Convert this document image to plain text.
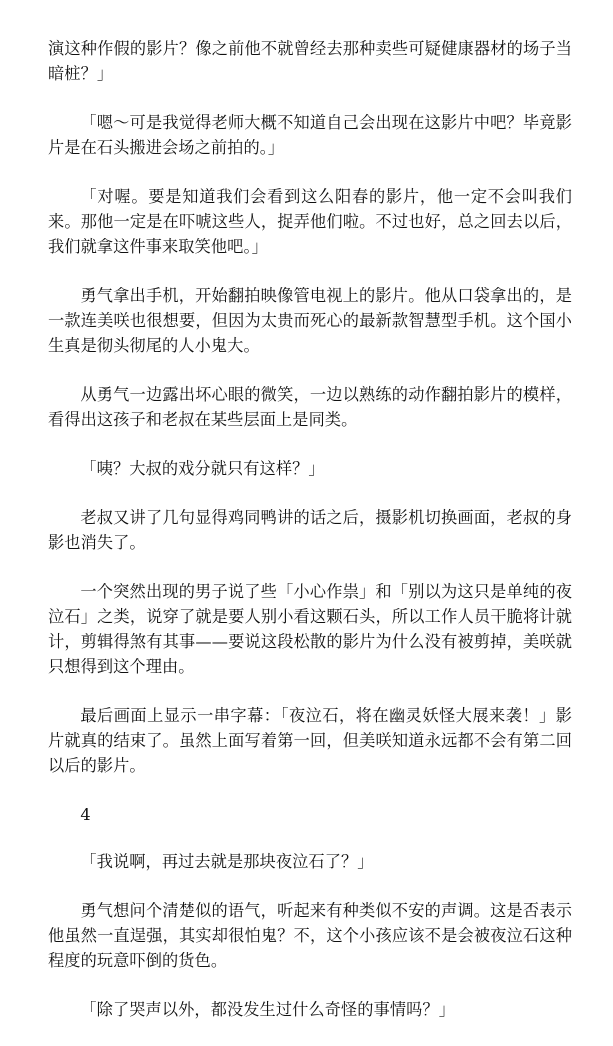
演这种作假的影片？像之前他不就曾经去那种卖些可疑健康器材的场子当暗桩？」

「嗯～可是我觉得老师大概不知道自己会出现在这影片中吧？毕竟影片是在石头搬进会场之前拍的。」

「对喔。要是知道我们会看到这么阳春的影片，他一定不会叫我们来。那他一定是在吓唬这些人，捉弄他们啦。不过也好，总之回去以后，我们就拿这件事来取笑他吧。」

勇气拿出手机，开始翻拍映像管电视上的影片。他从口袋拿出的，是一款连美咲也很想要，但因为太贵而死心的最新款智慧型手机。这个国小生真是彻头彻尾的人小鬼大。

从勇气一边露出坏心眼的微笑，一边以熟练的动作翻拍影片的模样，看得出这孩子和老叔在某些层面上是同类。

「咦？大叔的戏分就只有这样？」

老叔又讲了几句显得鸡同鸭讲的话之后，摄影机切换画面，老叔的身影也消失了。

一个突然出现的男子说了些「小心作祟」和「别以为这只是单纯的夜泣石」之类，说穿了就是要人别小看这颗石头，所以工作人员干脆将计就计，剪辑得煞有其事——要说这段松散的影片为什么没有被剪掉，美咲就只想得到这个理由。

最后画面上显示一串字幕：「夜泣石，将在幽灵妖怪大展来袭！」影片就真的结束了。虽然上面写着第一回，但美咲知道永远都不会有第二回以后的影片。

4

「我说啊，再过去就是那块夜泣石了？」

勇气想问个清楚似的语气，听起来有种类似不安的声调。这是否表示他虽然一直逞强，其实却很怕鬼？不，这个小孩应该不是会被夜泣石这种程度的玩意吓倒的货色。

「除了哭声以外，都没发生过什么奇怪的事情吗？」
